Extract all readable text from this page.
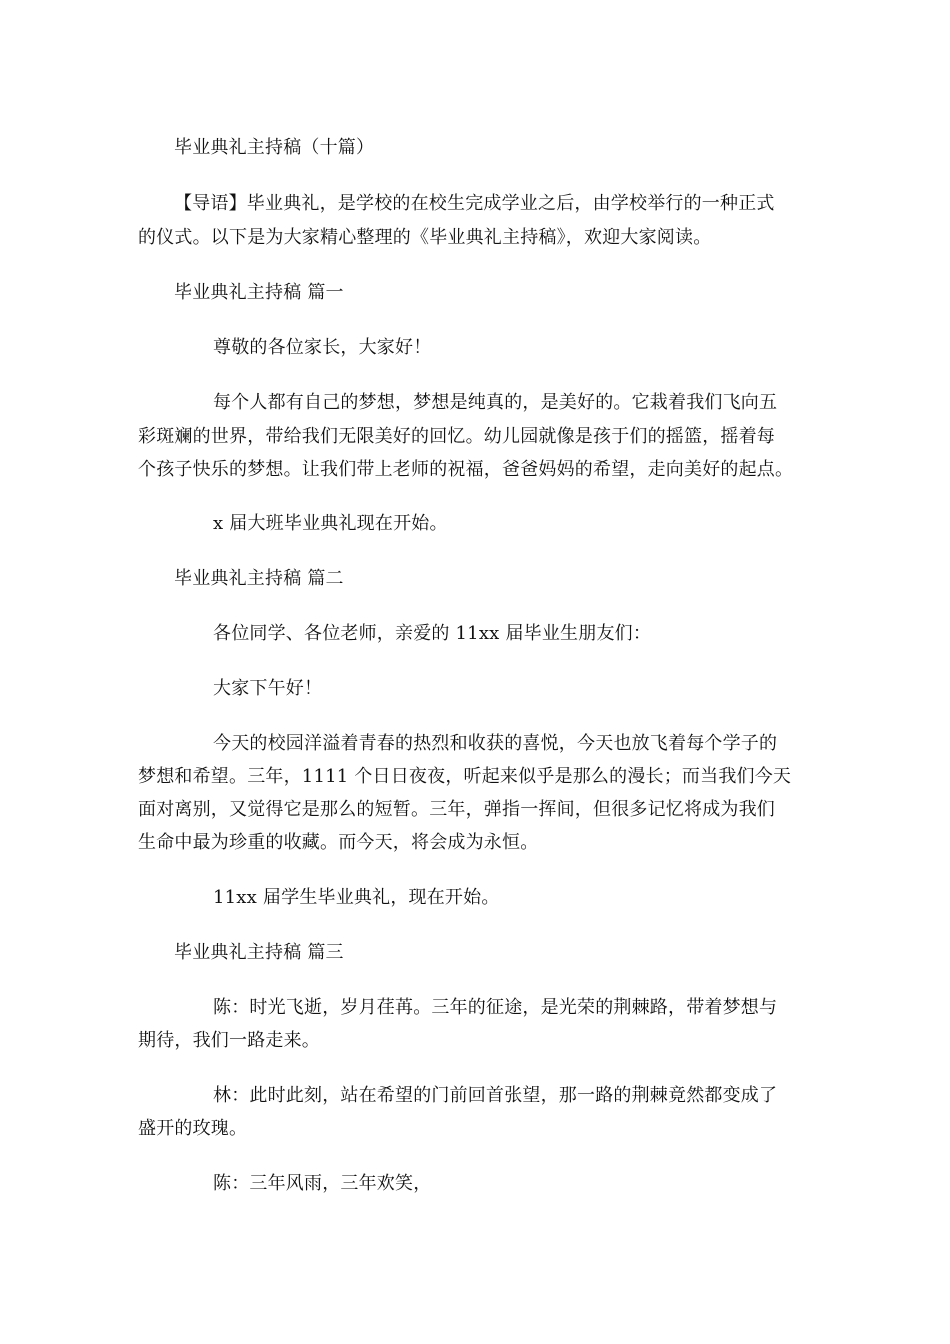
毕业典礼主持稿（十篇）
【导语】毕业典礼，是学校的在校生完成学业之后，由学校举行的一种正式
的仪式。以下是为大家精心整理的《毕业典礼主持稿》，欢迎大家阅读。
毕业典礼主持稿 篇一
尊敬的各位家长，大家好！
每个人都有自己的梦想，梦想是纯真的，是美好的。它栽着我们飞向五
彩斑斓的世界，带给我们无限美好的回忆。幼儿园就像是孩于们的摇篮，摇着每
个孩子快乐的梦想。让我们带上老师的祝福，爸爸妈妈的希望，走向美好的起点。
x 届大班毕业典礼现在开始。
毕业典礼主持稿 篇二
各位同学、各位老师，亲爱的 11xx 届毕业生朋友们：
大家下午好！
今天的校园洋溢着青春的热烈和收获的喜悦，今天也放飞着每个学子的
梦想和希望。三年，1111 个日日夜夜，听起来似乎是那么的漫长；而当我们今天
面对离别，又觉得它是那么的短暂。三年，弹指一挥间，但很多记忆将成为我们
生命中最为珍重的收藏。而今天，将会成为永恒。
11xx 届学生毕业典礼，现在开始。
毕业典礼主持稿 篇三
陈：时光飞逝，岁月荏苒。三年的征途，是光荣的荆棘路，带着梦想与
期待，我们一路走来。
林：此时此刻，站在希望的门前回首张望，那一路的荆棘竟然都变成了
盛开的玫瑰。
陈：三年风雨，三年欢笑，
